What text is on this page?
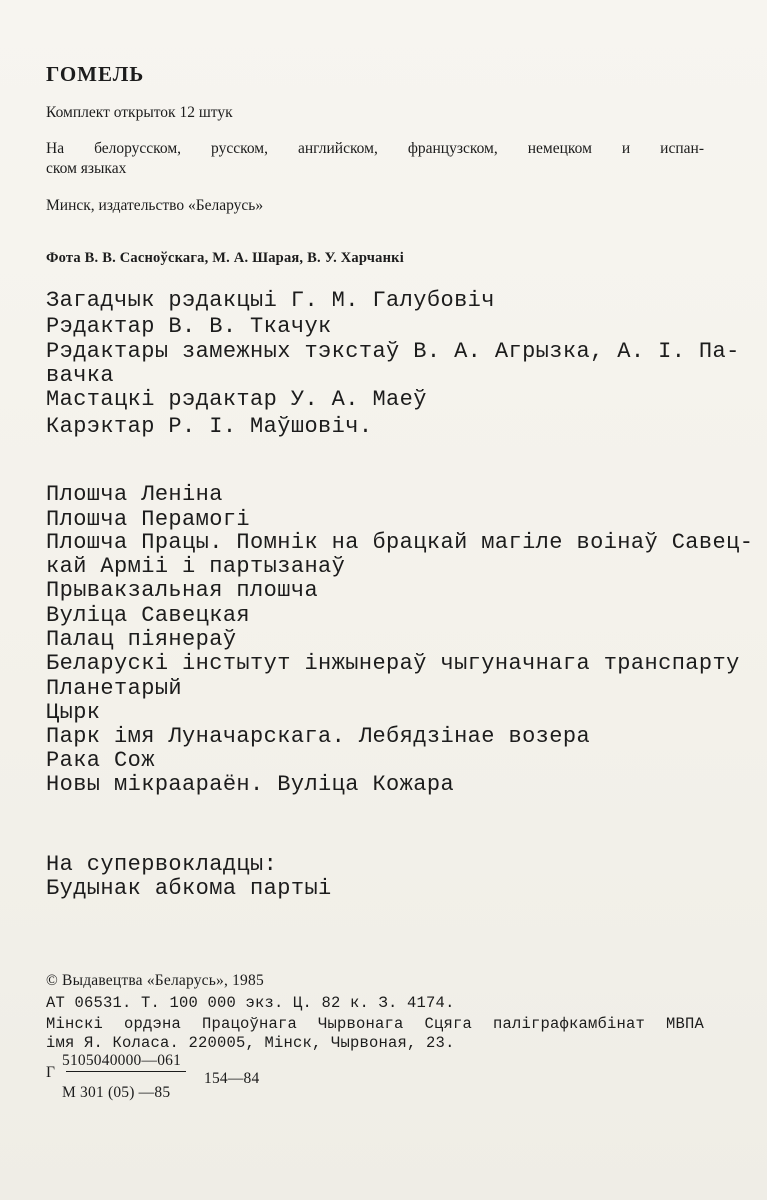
ГОМЕЛЬ
Комплект открыток 12 штук
На белорусском, русском, английском, французском, немецком и испан-
ском языках
Минск, издательство «Беларусь»
Фота В. В. Сасноўскага, М. А. Шарая, В. У. Харчанкі
Загадчык рэдакцыі Г. М. Галубовіч
Рэдактар В. В. Ткачук
Рэдактары замежных тэкстаў В. А. Агрызка, А. І. Па-
вачка
Мастацкі рэдактар У. А. Маеў
Карэктар Р. І. Маўшовіч.
Плошча Леніна
Плошча Перамогі
Плошча Працы. Помнік на брацкай магіле воінаў Савец-
кай Арміі і партызанаў
Прывакзальная плошча
Вуліца Савецкая
Палац піянераў
Беларускі інстытут інжынераў чыгуначнага транспарту
Планетарый
Цырк
Парк імя Луначарскага. Лебядзінае возера
Рака Сож
Новы мікраараён. Вуліца Кожара
На супервокладцы:
Будынак абкома партыі
© Выдавецтва «Беларусь», 1985
АТ 06531. Т. 100 000 экз. Ц. 82 к. З. 4174.
Мінскі ордэна Працоўнага Чырвонага Сцяга паліграфкамбінат МВПА
імя Я. Коласа. 220005, Мінск, Чырвоная, 23.
5105040000—061
Г	154—84
М 301 (05) —85
